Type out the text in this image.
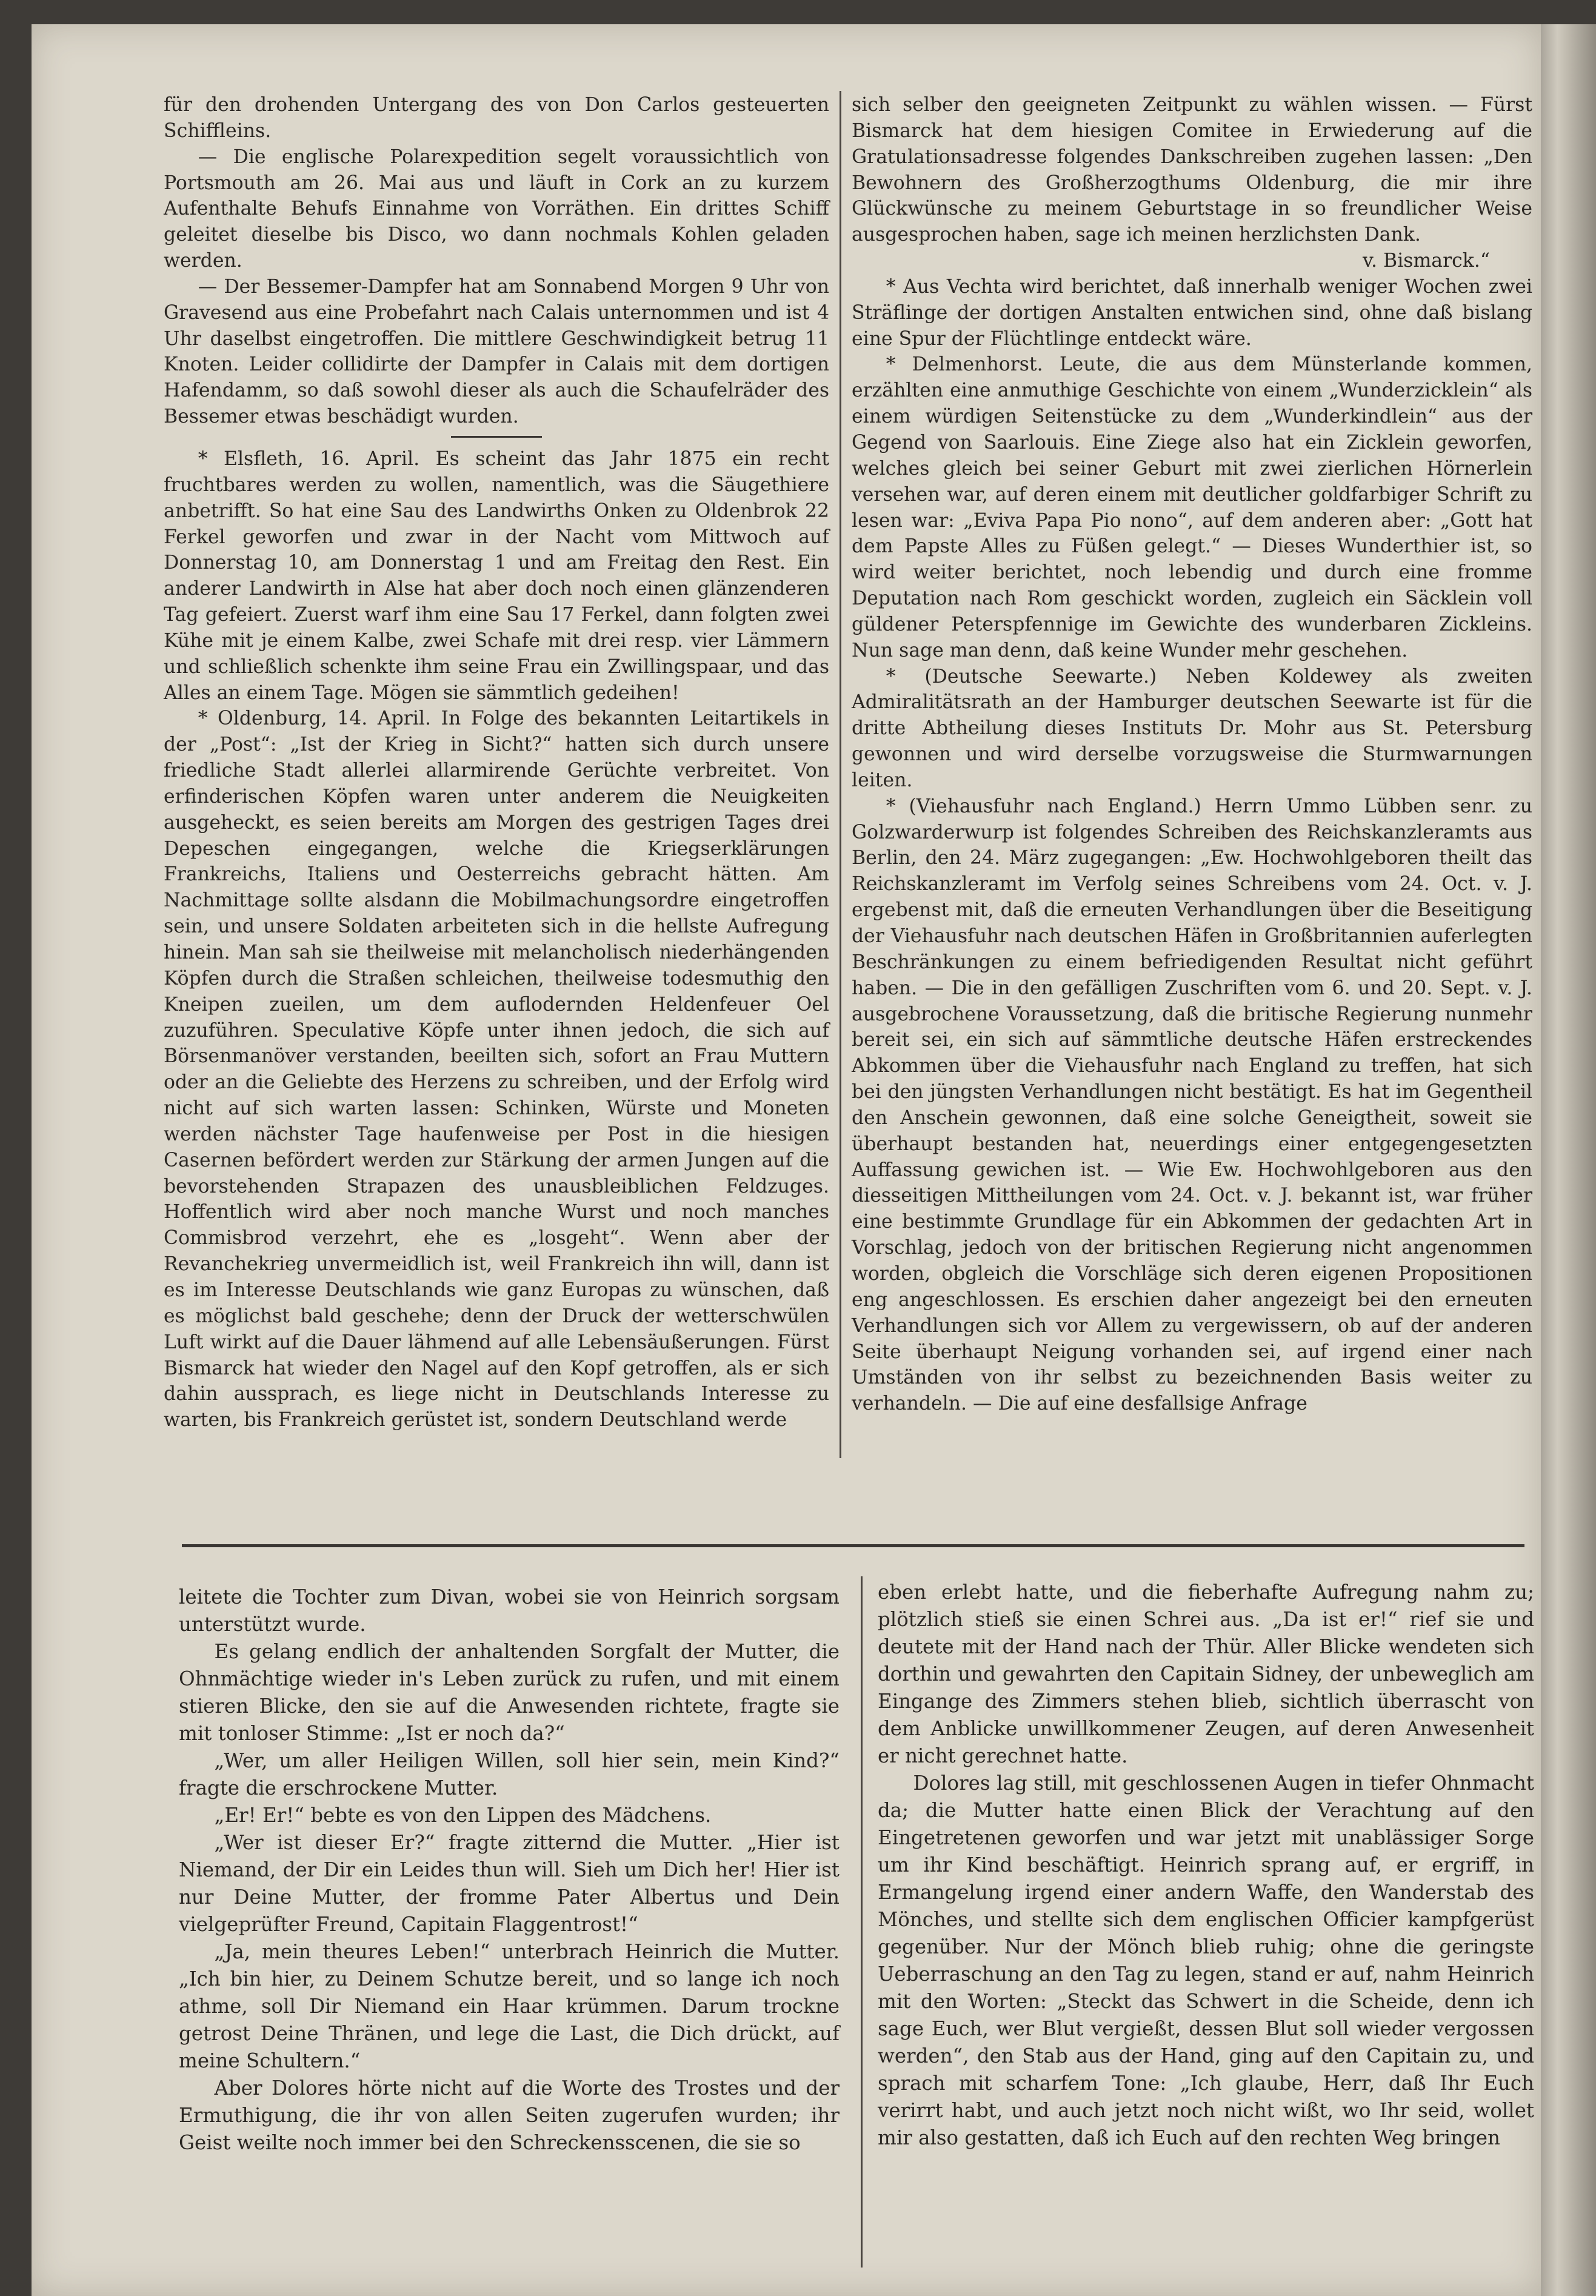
für den drohenden Untergang des von Don Carlos gesteuerten Schiffleins.

— Die englische Polarexpedition segelt voraussichtlich von Portsmouth am 26. Mai aus und läuft in Cork an zu kurzem Aufenthalte Behufs Einnahme von Vorräthen. Ein drittes Schiff geleitet dieselbe bis Disco, wo dann nochmals Kohlen geladen werden.

— Der Bessemer-Dampfer hat am Sonnabend Morgen 9 Uhr von Gravesend aus eine Probefahrt nach Calais unternommen und ist 4 Uhr daselbst eingetroffen. Die mittlere Geschwindigkeit betrug 11 Knoten. Leider collidirte der Dampfer in Calais mit dem dortigen Hafendamm, so daß sowohl dieser als auch die Schaufelräder des Bessemer etwas beschädigt wurden.

* Elsfleth, 16. April. Es scheint das Jahr 1875 ein recht fruchtbares werden zu wollen, namentlich, was die Säugethiere anbetrifft. So hat eine Sau des Landwirths Onken zu Oldenbrok 22 Ferkel geworfen und zwar in der Nacht vom Mittwoch auf Donnerstag 10, am Donnerstag 1 und am Freitag den Rest. Ein anderer Landwirth in Alse hat aber doch noch einen glänzenderen Tag gefeiert. Zuerst warf ihm eine Sau 17 Ferkel, dann folgten zwei Kühe mit je einem Kalbe, zwei Schafe mit drei resp. vier Lämmern und schließlich schenkte ihm seine Frau ein Zwillingspaar, und das Alles an einem Tage. Mögen sie sämmtlich gedeihen!

* Oldenburg, 14. April. In Folge des bekannten Leitartikels in der „Post“: „Ist der Krieg in Sicht?“ hatten sich durch unsere friedliche Stadt allerlei allarmirende Gerüchte verbreitet. Von erfinderischen Köpfen waren unter anderem die Neuigkeiten ausgeheckt, es seien bereits am Morgen des gestrigen Tages drei Depeschen eingegangen, welche die Kriegserklärungen Frankreichs, Italiens und Oesterreichs gebracht hätten. Am Nachmittage sollte alsdann die Mobilmachungsordre eingetroffen sein, und unsere Soldaten arbeiteten sich in die hellste Aufregung hinein. Man sah sie theilweise mit melancholisch niederhängenden Köpfen durch die Straßen schleichen, theilweise todesmuthig den Kneipen zueilen, um dem auflodernden Heldenfeuer Oel zuzuführen. Speculative Köpfe unter ihnen jedoch, die sich auf Börsenmanöver verstanden, beeilten sich, sofort an Frau Muttern oder an die Geliebte des Herzens zu schreiben, und der Erfolg wird nicht auf sich warten lassen: Schinken, Würste und Moneten werden nächster Tage haufenweise per Post in die hiesigen Casernen befördert werden zur Stärkung der armen Jungen auf die bevorstehenden Strapazen des unausbleiblichen Feldzuges. Hoffentlich wird aber noch manche Wurst und noch manches Commisbrod verzehrt, ehe es „losgeht“. Wenn aber der Revanchekrieg unvermeidlich ist, weil Frankreich ihn will, dann ist es im Interesse Deutschlands wie ganz Europas zu wünschen, daß es möglichst bald geschehe; denn der Druck der wetterschwülen Luft wirkt auf die Dauer lähmend auf alle Lebensäußerungen. Fürst Bismarck hat wieder den Nagel auf den Kopf getroffen, als er sich dahin aussprach, es liege nicht in Deutschlands Interesse zu warten, bis Frankreich gerüstet ist, sondern Deutschland werde

sich selber den geeigneten Zeitpunkt zu wählen wissen. — Fürst Bismarck hat dem hiesigen Comitee in Erwiederung auf die Gratulationsadresse folgendes Dankschreiben zugehen lassen: „Den Bewohnern des Großherzogthums Oldenburg, die mir ihre Glückwünsche zu meinem Geburtstage in so freundlicher Weise ausgesprochen haben, sage ich meinen herzlichsten Dank.

v. Bismarck.“

* Aus Vechta wird berichtet, daß innerhalb weniger Wochen zwei Sträflinge der dortigen Anstalten entwichen sind, ohne daß bislang eine Spur der Flüchtlinge entdeckt wäre.

* Delmenhorst. Leute, die aus dem Münsterlande kommen, erzählten eine anmuthige Geschichte von einem „Wunderzicklein“ als einem würdigen Seitenstücke zu dem „Wunderkindlein“ aus der Gegend von Saarlouis. Eine Ziege also hat ein Zicklein geworfen, welches gleich bei seiner Geburt mit zwei zierlichen Hörnerlein versehen war, auf deren einem mit deutlicher goldfarbiger Schrift zu lesen war: „Eviva Papa Pio nono“, auf dem anderen aber: „Gott hat dem Papste Alles zu Füßen gelegt.“ — Dieses Wunderthier ist, so wird weiter berichtet, noch lebendig und durch eine fromme Deputation nach Rom geschickt worden, zugleich ein Säcklein voll güldener Peterspfennige im Gewichte des wunderbaren Zickleins. Nun sage man denn, daß keine Wunder mehr geschehen.

* (Deutsche Seewarte.) Neben Koldewey als zweiten Admiralitätsrath an der Hamburger deutschen Seewarte ist für die dritte Abtheilung dieses Instituts Dr. Mohr aus St. Petersburg gewonnen und wird derselbe vorzugsweise die Sturmwarnungen leiten.

* (Viehausfuhr nach England.) Herrn Ummo Lübben senr. zu Golzwarderwurp ist folgendes Schreiben des Reichskanzleramts aus Berlin, den 24. März zugegangen: „Ew. Hochwohlgeboren theilt das Reichskanzleramt im Verfolg seines Schreibens vom 24. Oct. v. J. ergebenst mit, daß die erneuten Verhandlungen über die Beseitigung der Viehausfuhr nach deutschen Häfen in Großbritannien auferlegten Beschränkungen zu einem befriedigenden Resultat nicht geführt haben. — Die in den gefälligen Zuschriften vom 6. und 20. Sept. v. J. ausgebrochene Voraussetzung, daß die britische Regierung nunmehr bereit sei, ein sich auf sämmtliche deutsche Häfen erstreckendes Abkommen über die Viehausfuhr nach England zu treffen, hat sich bei den jüngsten Verhandlungen nicht bestätigt. Es hat im Gegentheil den Anschein gewonnen, daß eine solche Geneigtheit, soweit sie überhaupt bestanden hat, neuerdings einer entgegengesetzten Auffassung gewichen ist. — Wie Ew. Hochwohlgeboren aus den diesseitigen Mittheilungen vom 24. Oct. v. J. bekannt ist, war früher eine bestimmte Grundlage für ein Abkommen der gedachten Art in Vorschlag, jedoch von der britischen Regierung nicht angenommen worden, obgleich die Vorschläge sich deren eigenen Propositionen eng angeschlossen. Es erschien daher angezeigt bei den erneuten Verhandlungen sich vor Allem zu vergewissern, ob auf der anderen Seite überhaupt Neigung vorhanden sei, auf irgend einer nach Umständen von ihr selbst zu bezeichnenden Basis weiter zu verhandeln. — Die auf eine desfallsige Anfrage

leitete die Tochter zum Divan, wobei sie von Heinrich sorgsam unterstützt wurde.

Es gelang endlich der anhaltenden Sorgfalt der Mutter, die Ohnmächtige wieder in's Leben zurück zu rufen, und mit einem stieren Blicke, den sie auf die Anwesenden richtete, fragte sie mit tonloser Stimme: „Ist er noch da?“

„Wer, um aller Heiligen Willen, soll hier sein, mein Kind?“ fragte die erschrockene Mutter.

„Er! Er!“ bebte es von den Lippen des Mädchens.

„Wer ist dieser Er?“ fragte zitternd die Mutter. „Hier ist Niemand, der Dir ein Leides thun will. Sieh um Dich her! Hier ist nur Deine Mutter, der fromme Pater Albertus und Dein vielgeprüfter Freund, Capitain Flaggentrost!“

„Ja, mein theures Leben!“ unterbrach Heinrich die Mutter. „Ich bin hier, zu Deinem Schutze bereit, und so lange ich noch athme, soll Dir Niemand ein Haar krümmen. Darum trockne getrost Deine Thränen, und lege die Last, die Dich drückt, auf meine Schultern.“

Aber Dolores hörte nicht auf die Worte des Trostes und der Ermuthigung, die ihr von allen Seiten zugerufen wurden; ihr Geist weilte noch immer bei den Schreckensscenen, die sie so

eben erlebt hatte, und die fieberhafte Aufregung nahm zu; plötzlich stieß sie einen Schrei aus. „Da ist er!“ rief sie und deutete mit der Hand nach der Thür. Aller Blicke wendeten sich dorthin und gewahrten den Capitain Sidney, der unbeweglich am Eingange des Zimmers stehen blieb, sichtlich überrascht von dem Anblicke unwillkommener Zeugen, auf deren Anwesenheit er nicht gerechnet hatte.

Dolores lag still, mit geschlossenen Augen in tiefer Ohnmacht da; die Mutter hatte einen Blick der Verachtung auf den Eingetretenen geworfen und war jetzt mit unablässiger Sorge um ihr Kind beschäftigt. Heinrich sprang auf, er ergriff, in Ermangelung irgend einer andern Waffe, den Wanderstab des Mönches, und stellte sich dem englischen Officier kampfgerüst gegenüber. Nur der Mönch blieb ruhig; ohne die geringste Ueberraschung an den Tag zu legen, stand er auf, nahm Heinrich mit den Worten: „Steckt das Schwert in die Scheide, denn ich sage Euch, wer Blut vergießt, dessen Blut soll wieder vergossen werden“, den Stab aus der Hand, ging auf den Capitain zu, und sprach mit scharfem Tone: „Ich glaube, Herr, daß Ihr Euch verirrt habt, und auch jetzt noch nicht wißt, wo Ihr seid, wollet mir also gestatten, daß ich Euch auf den rechten Weg bringen
